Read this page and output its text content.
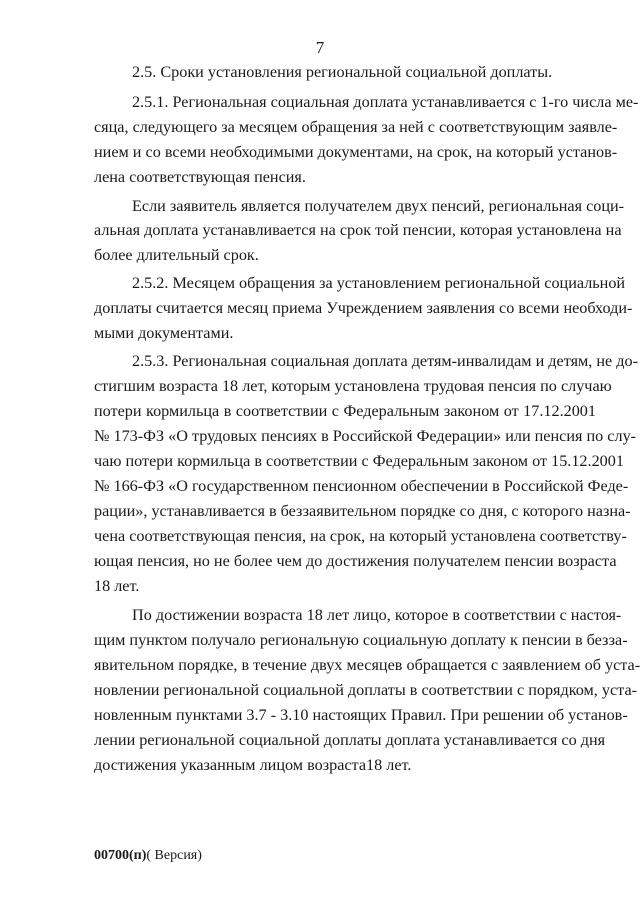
7
2.5. Сроки установления региональной социальной доплаты.
2.5.1. Региональная социальная доплата устанавливается с 1-го числа ме-
сяца, следующего за месяцем обращения за ней с соответствующим заявле-
нием и со всеми необходимыми документами, на срок, на который установ-
лена соответствующая пенсия.
Если заявитель является получателем двух пенсий, региональная соци-
альная доплата устанавливается на срок той пенсии, которая установлена на
более длительный срок.
2.5.2. Месяцем обращения за установлением региональной социальной
доплаты считается месяц приема Учреждением заявления со всеми необходи-
мыми документами.
2.5.3. Региональная социальная доплата детям-инвалидам и детям, не до-
стигшим возраста 18 лет, которым установлена трудовая пенсия по случаю
потери кормильца в соответствии с Федеральным законом от 17.12.2001
№ 173-ФЗ «О трудовых пенсиях в Российской Федерации» или пенсия по слу-
чаю потери кормильца в соответствии с Федеральным законом от 15.12.2001
№ 166-ФЗ «О государственном пенсионном обеспечении в Российской Феде-
рации», устанавливается в беззаявительном порядке со дня, с которого назна-
чена соответствующая пенсия, на срок, на который установлена соответству-
ющая пенсия, но не более чем до достижения получателем пенсии возраста
18 лет.
По достижении возраста 18 лет лицо, которое в соответствии с настоя-
щим пунктом получало региональную социальную доплату к пенсии в безза-
явительном порядке, в течение двух месяцев обращается с заявлением об уста-
новлении региональной социальной доплаты в соответствии с порядком, уста-
новленным пунктами 3.7 - 3.10 настоящих Правил. При решении об установ-
лении региональной социальной доплаты доплата устанавливается со дня
достижения указанным лицом возраста18 лет.
00700(п)( Версия)
